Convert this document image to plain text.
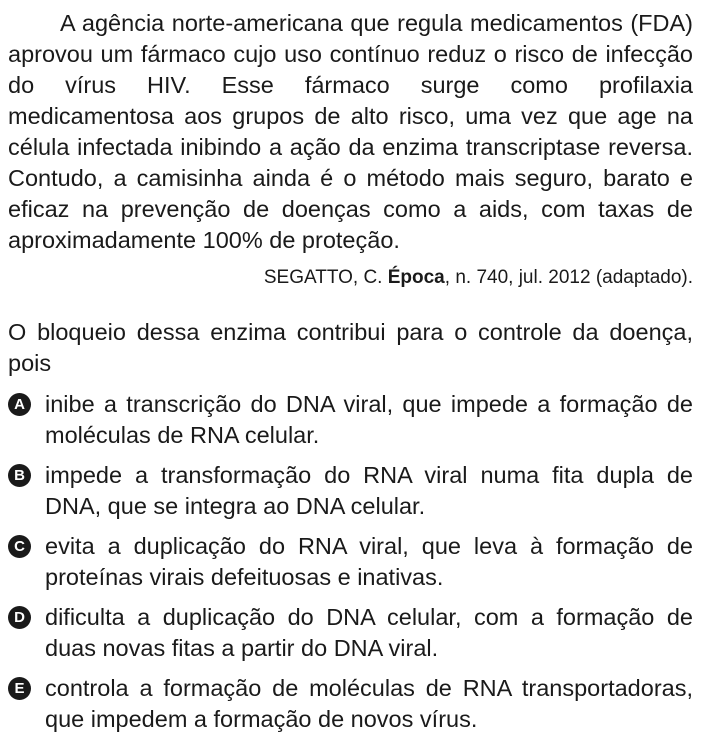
A agência norte-americana que regula medicamentos (FDA) aprovou um fármaco cujo uso contínuo reduz o risco de infecção do vírus HIV. Esse fármaco surge como profilaxia medicamentosa aos grupos de alto risco, uma vez que age na célula infectada inibindo a ação da enzima transcriptase reversa. Contudo, a camisinha ainda é o método mais seguro, barato e eficaz na prevenção de doenças como a aids, com taxas de aproximadamente 100% de proteção.

SEGATTO, C. Época, n. 740, jul. 2012 (adaptado).

O bloqueio dessa enzima contribui para o controle da doença, pois

A inibe a transcrição do DNA viral, que impede a formação de moléculas de RNA celular.
B impede a transformação do RNA viral numa fita dupla de DNA, que se integra ao DNA celular.
C evita a duplicação do RNA viral, que leva à formação de proteínas virais defeituosas e inativas.
D dificulta a duplicação do DNA celular, com a formação de duas novas fitas a partir do DNA viral.
E controla a formação de moléculas de RNA transportadoras, que impedem a formação de novos vírus.
